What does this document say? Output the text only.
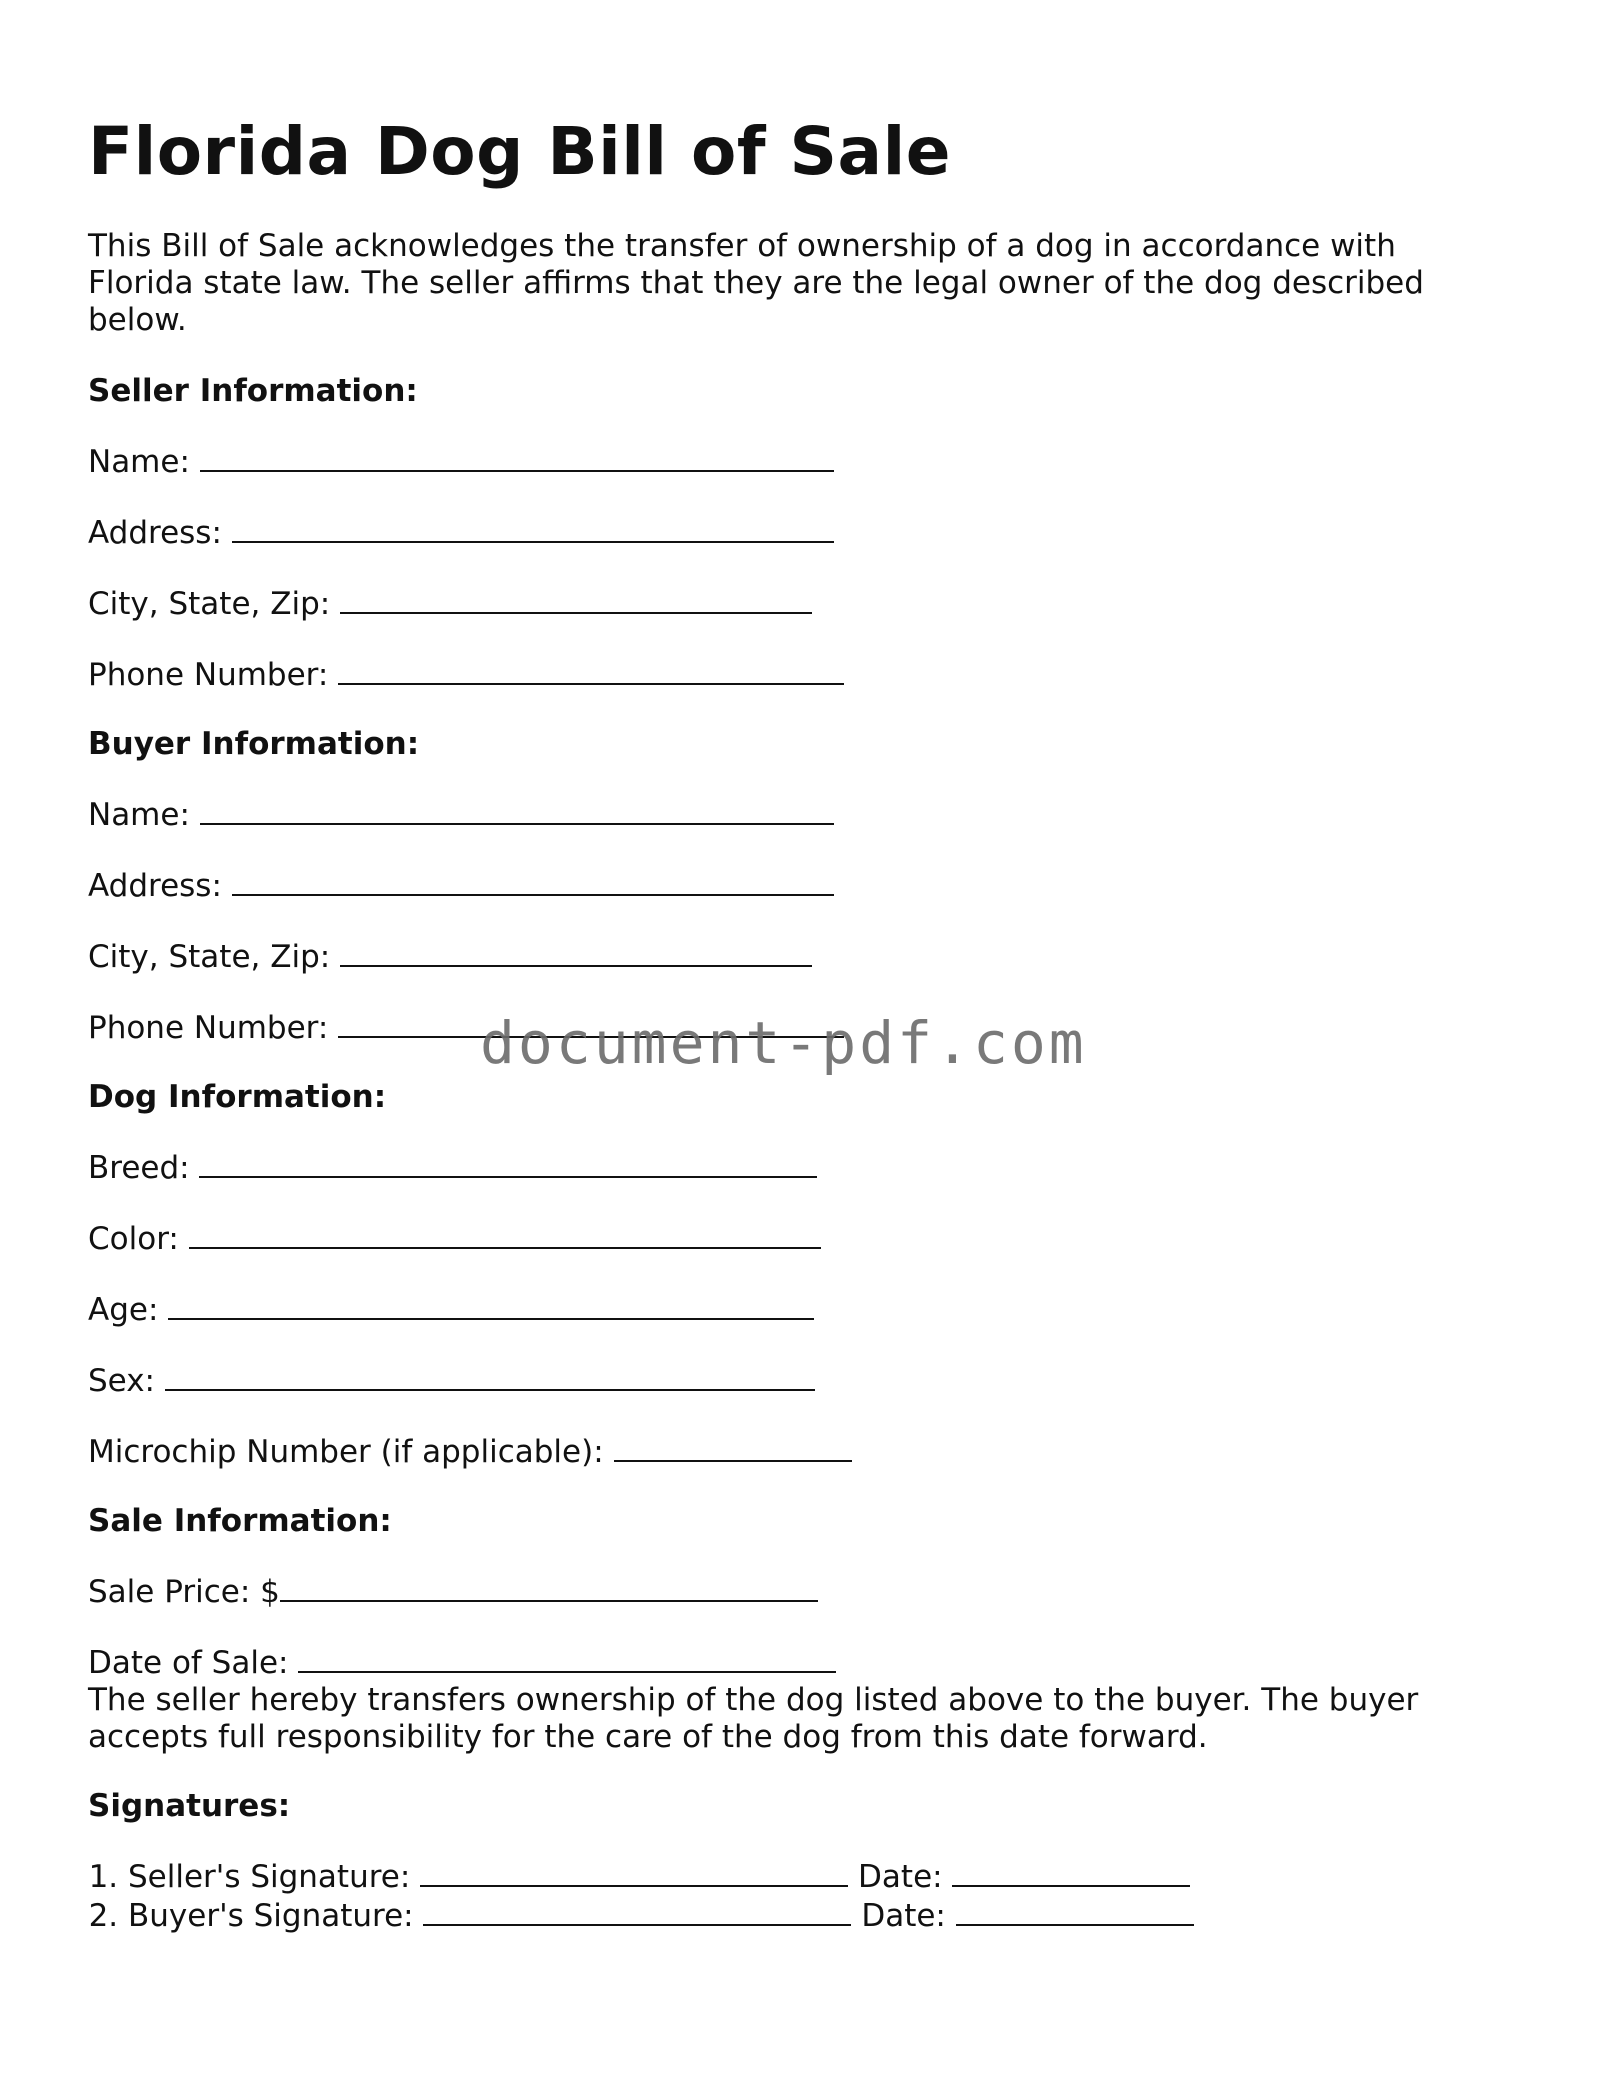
Florida Dog Bill of Sale

This Bill of Sale acknowledges the transfer of ownership of a dog in accordance with Florida state law. The seller affirms that they are the legal owner of the dog described below.

Seller Information:

Name:

Address:

City, State, Zip:

Phone Number:

Buyer Information:

Name:

Address:

City, State, Zip:

Phone Number:

Dog Information:

Breed:

Color:

Age:

Sex:

Microchip Number (if applicable):

Sale Information:

Sale Price: $

Date of Sale:

The seller hereby transfers ownership of the dog listed above to the buyer. The buyer accepts full responsibility for the care of the dog from this date forward.

Signatures:

1. Seller's Signature:	Date:
2. Buyer's Signature:	Date:
document-pdf.com
